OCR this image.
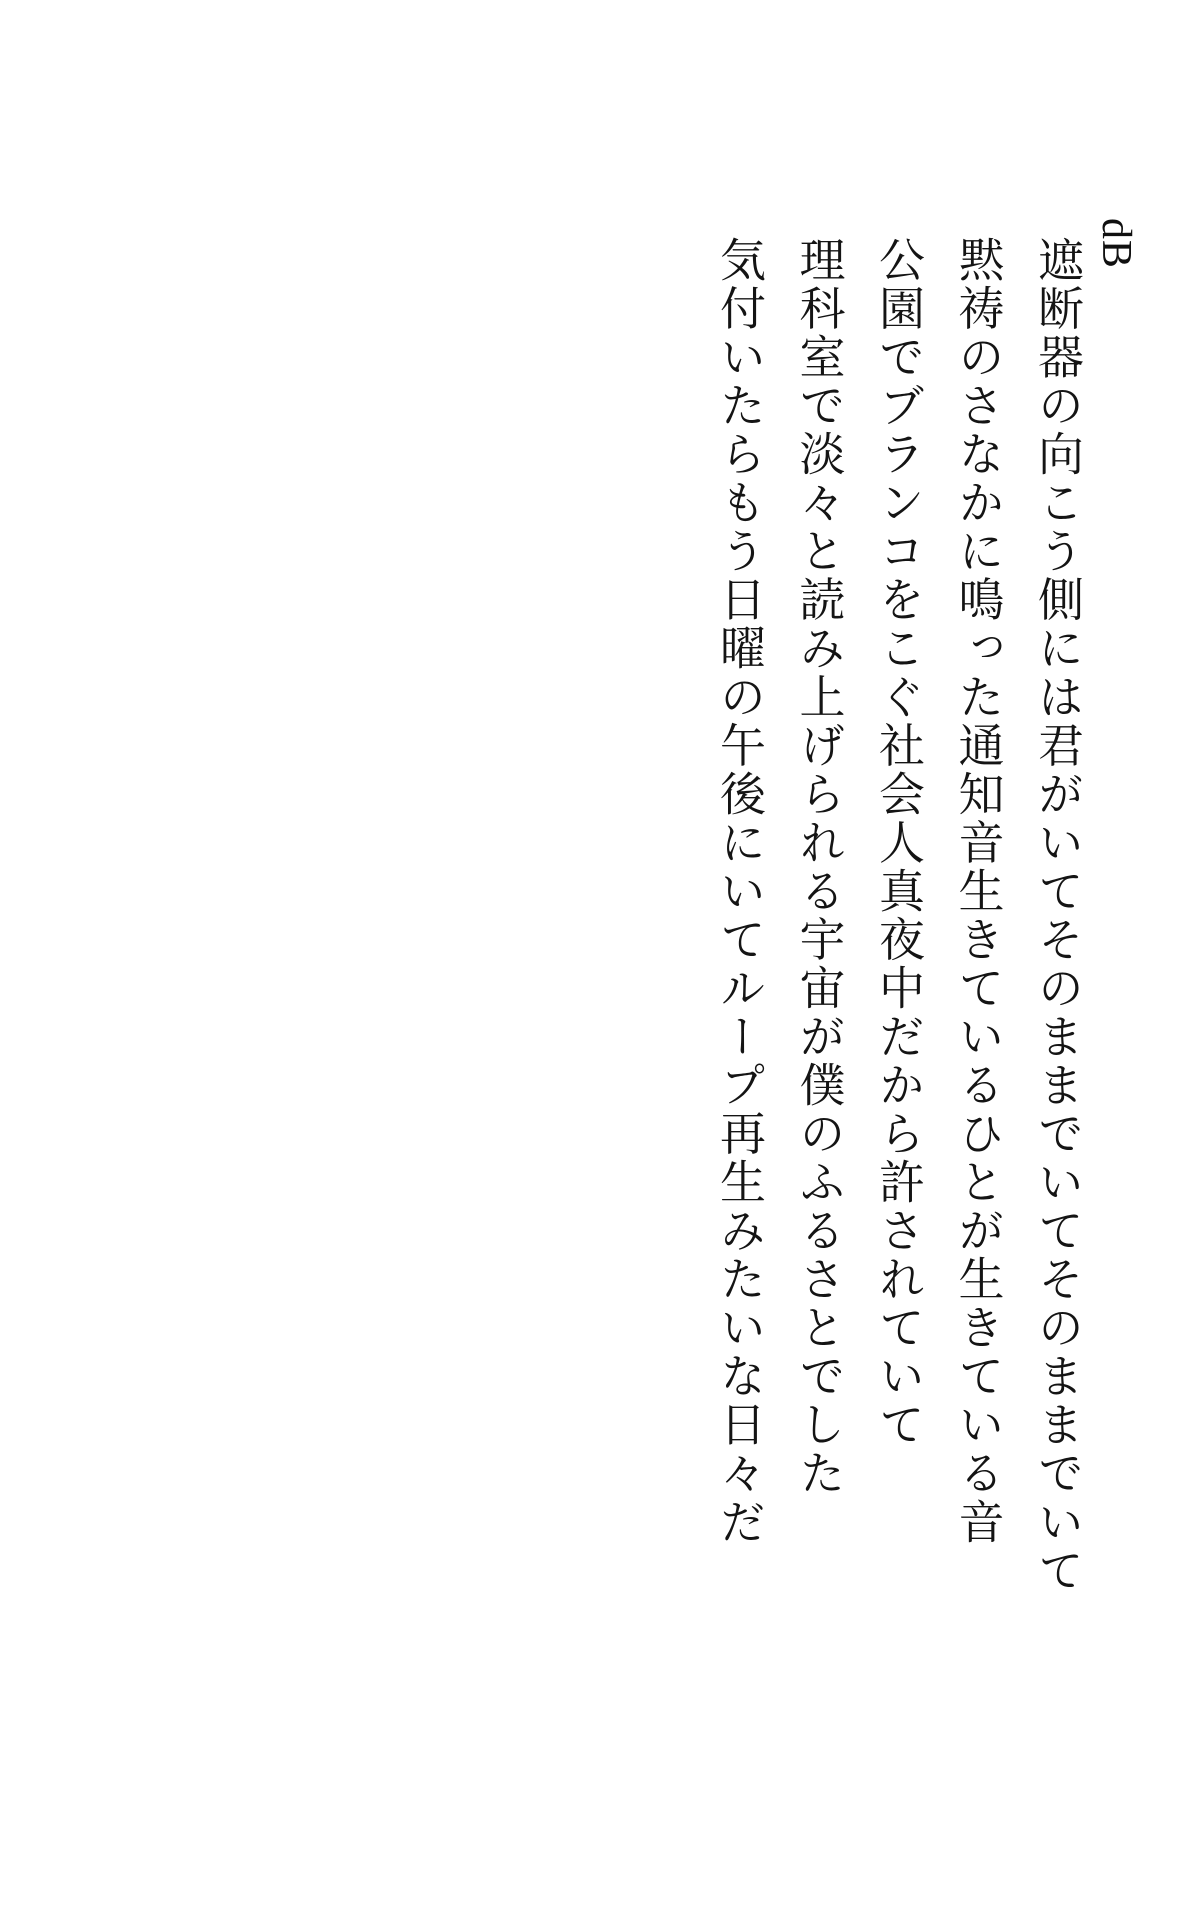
気付いたらもう日曜の午後にいてループ再生みたいな日々だ 理科室で淡々と読み上げられる宇宙が僕のふるさとでした 公園でブランコをこぐ社会人真夜中だから許されていて 黙祷のさなかに鳴った通知音生きているひとが生きている音 遮断器の向こう側には君がいてそのままでいてそのままでいて dB
